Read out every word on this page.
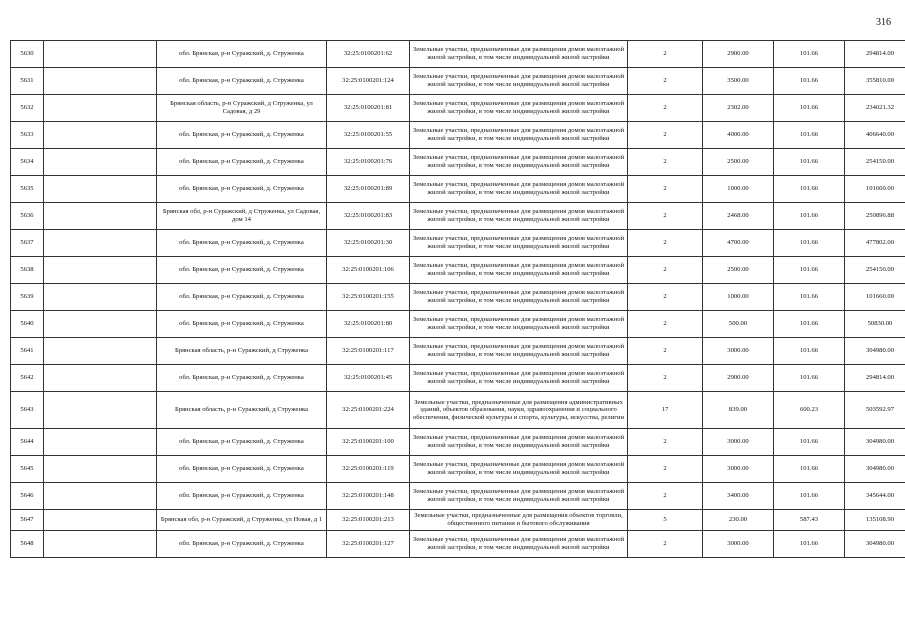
316
5630		обл. Брянская, р-н Суражский, д. Струженка	32:25:0100201:62	Земельные участки, предназначенные для размещения домов малоэтажной жилой застройки, в том числе индивидуальной жилой застройки	2	2900.00	101.66	294814.00
5631		обл. Брянская, р-н Суражский, д. Струженка	32:25:0100201:124	Земельные участки, предназначенные для размещения домов малоэтажной жилой застройки, в том числе индивидуальной жилой застройки	2	3500.00	101.66	355810.00
5632		Брянская область, р-н Суражский, д Струженка, ул Садовая, д 29	32:25:0100201:81	Земельные участки, предназначенные для размещения домов малоэтажной жилой застройки, в том числе индивидуальной жилой застройки	2	2302.00	101.66	234021.32
5633		обл. Брянская, р-н Суражский, д. Струженка	32:25:0100201:55	Земельные участки, предназначенные для размещения домов малоэтажной жилой застройки, в том числе индивидуальной жилой застройки	2	4000.00	101.66	406640.00
5634		обл. Брянская, р-н Суражский, д. Струженка	32:25:0100201:76	Земельные участки, предназначенные для размещения домов малоэтажной жилой застройки, в том числе индивидуальной жилой застройки	2	2500.00	101.66	254150.00
5635		обл. Брянская, р-н Суражский, д. Струженка	32:25:0100201:89	Земельные участки, предназначенные для размещения домов малоэтажной жилой застройки, в том числе индивидуальной жилой застройки	2	1000.00	101.66	101660.00
5636		Брянская обл, р-н Суражский, д Струженка, ул Садовая, дом 14	32:25:0100201:83	Земельные участки, предназначенные для размещения домов малоэтажной жилой застройки, в том числе индивидуальной жилой застройки	2	2468.00	101.66	250896.88
5637		обл. Брянская, р-н Суражский, д. Струженка	32:25:0100201:30	Земельные участки, предназначенные для размещения домов малоэтажной жилой застройки, в том числе индивидуальной жилой застройки	2	4700.00	101.66	477802.00
5638		обл. Брянская, р-н Суражский, д. Струженка	32:25:0100201:106	Земельные участки, предназначенные для размещения домов малоэтажной жилой застройки, в том числе индивидуальной жилой застройки	2	2500.00	101.66	254150.00
5639		обл. Брянская, р-н Суражский, д. Струженка	32:25:0100201:155	Земельные участки, предназначенные для размещения домов малоэтажной жилой застройки, в том числе индивидуальной жилой застройки	2	1000.00	101.66	101660.00
5640		обл. Брянская, р-н Суражский, д. Струженка	32:25:0100201:80	Земельные участки, предназначенные для размещения домов малоэтажной жилой застройки, в том числе индивидуальной жилой застройки	2	500.00	101.66	50830.00
5641		Брянская область, р-н Суражский, д Струженка	32:25:0100201:117	Земельные участки, предназначенные для размещения домов малоэтажной жилой застройки, в том числе индивидуальной жилой застройки	2	3000.00	101.66	304980.00
5642		обл. Брянская, р-н Суражский, д. Струженка	32:25:0100201:45	Земельные участки, предназначенные для размещения домов малоэтажной жилой застройки, в том числе индивидуальной жилой застройки	2	2900.00	101.66	294814.00
5643		Брянская область, р-н Суражский, д Струженка	32:25:0100201:224	Земельные участки, предназначенные для размещения административных зданий, объектов образования, науки, здравоохранения и социального обеспечения, физической культуры и спорта, культуры, искусства, религии	17	839.00	600.23	503592.97
5644		обл. Брянская, р-н Суражский, д. Струженка	32:25:0100201:100	Земельные участки, предназначенные для размещения домов малоэтажной жилой застройки, в том числе индивидуальной жилой застройки	2	3000.00	101.66	304980.00
5645		обл. Брянская, р-н Суражский, д. Струженка	32:25:0100201:119	Земельные участки, предназначенные для размещения домов малоэтажной жилой застройки, в том числе индивидуальной жилой застройки	2	3000.00	101.66	304980.00
5646		обл. Брянская, р-н Суражский, д. Струженка	32:25:0100201:148	Земельные участки, предназначенные для размещения домов малоэтажной жилой застройки, в том числе индивидуальной жилой застройки	2	3400.00	101.66	345644.00
5647		Брянская обл, р-н Суражский, д Струженка, ул Новая, д 1	32:25:0100201:213	Земельные участки, предназначенные для размещения объектов торговли, общественного питания и бытового обслуживания	5	230.00	587.43	135108.90
5648		обл. Брянская, р-н Суражский, д. Струженка	32:25:0100201:127	Земельные участки, предназначенные для размещения домов малоэтажной жилой застройки, в том числе индивидуальной жилой застройки	2	3000.00	101.66	304980.00
